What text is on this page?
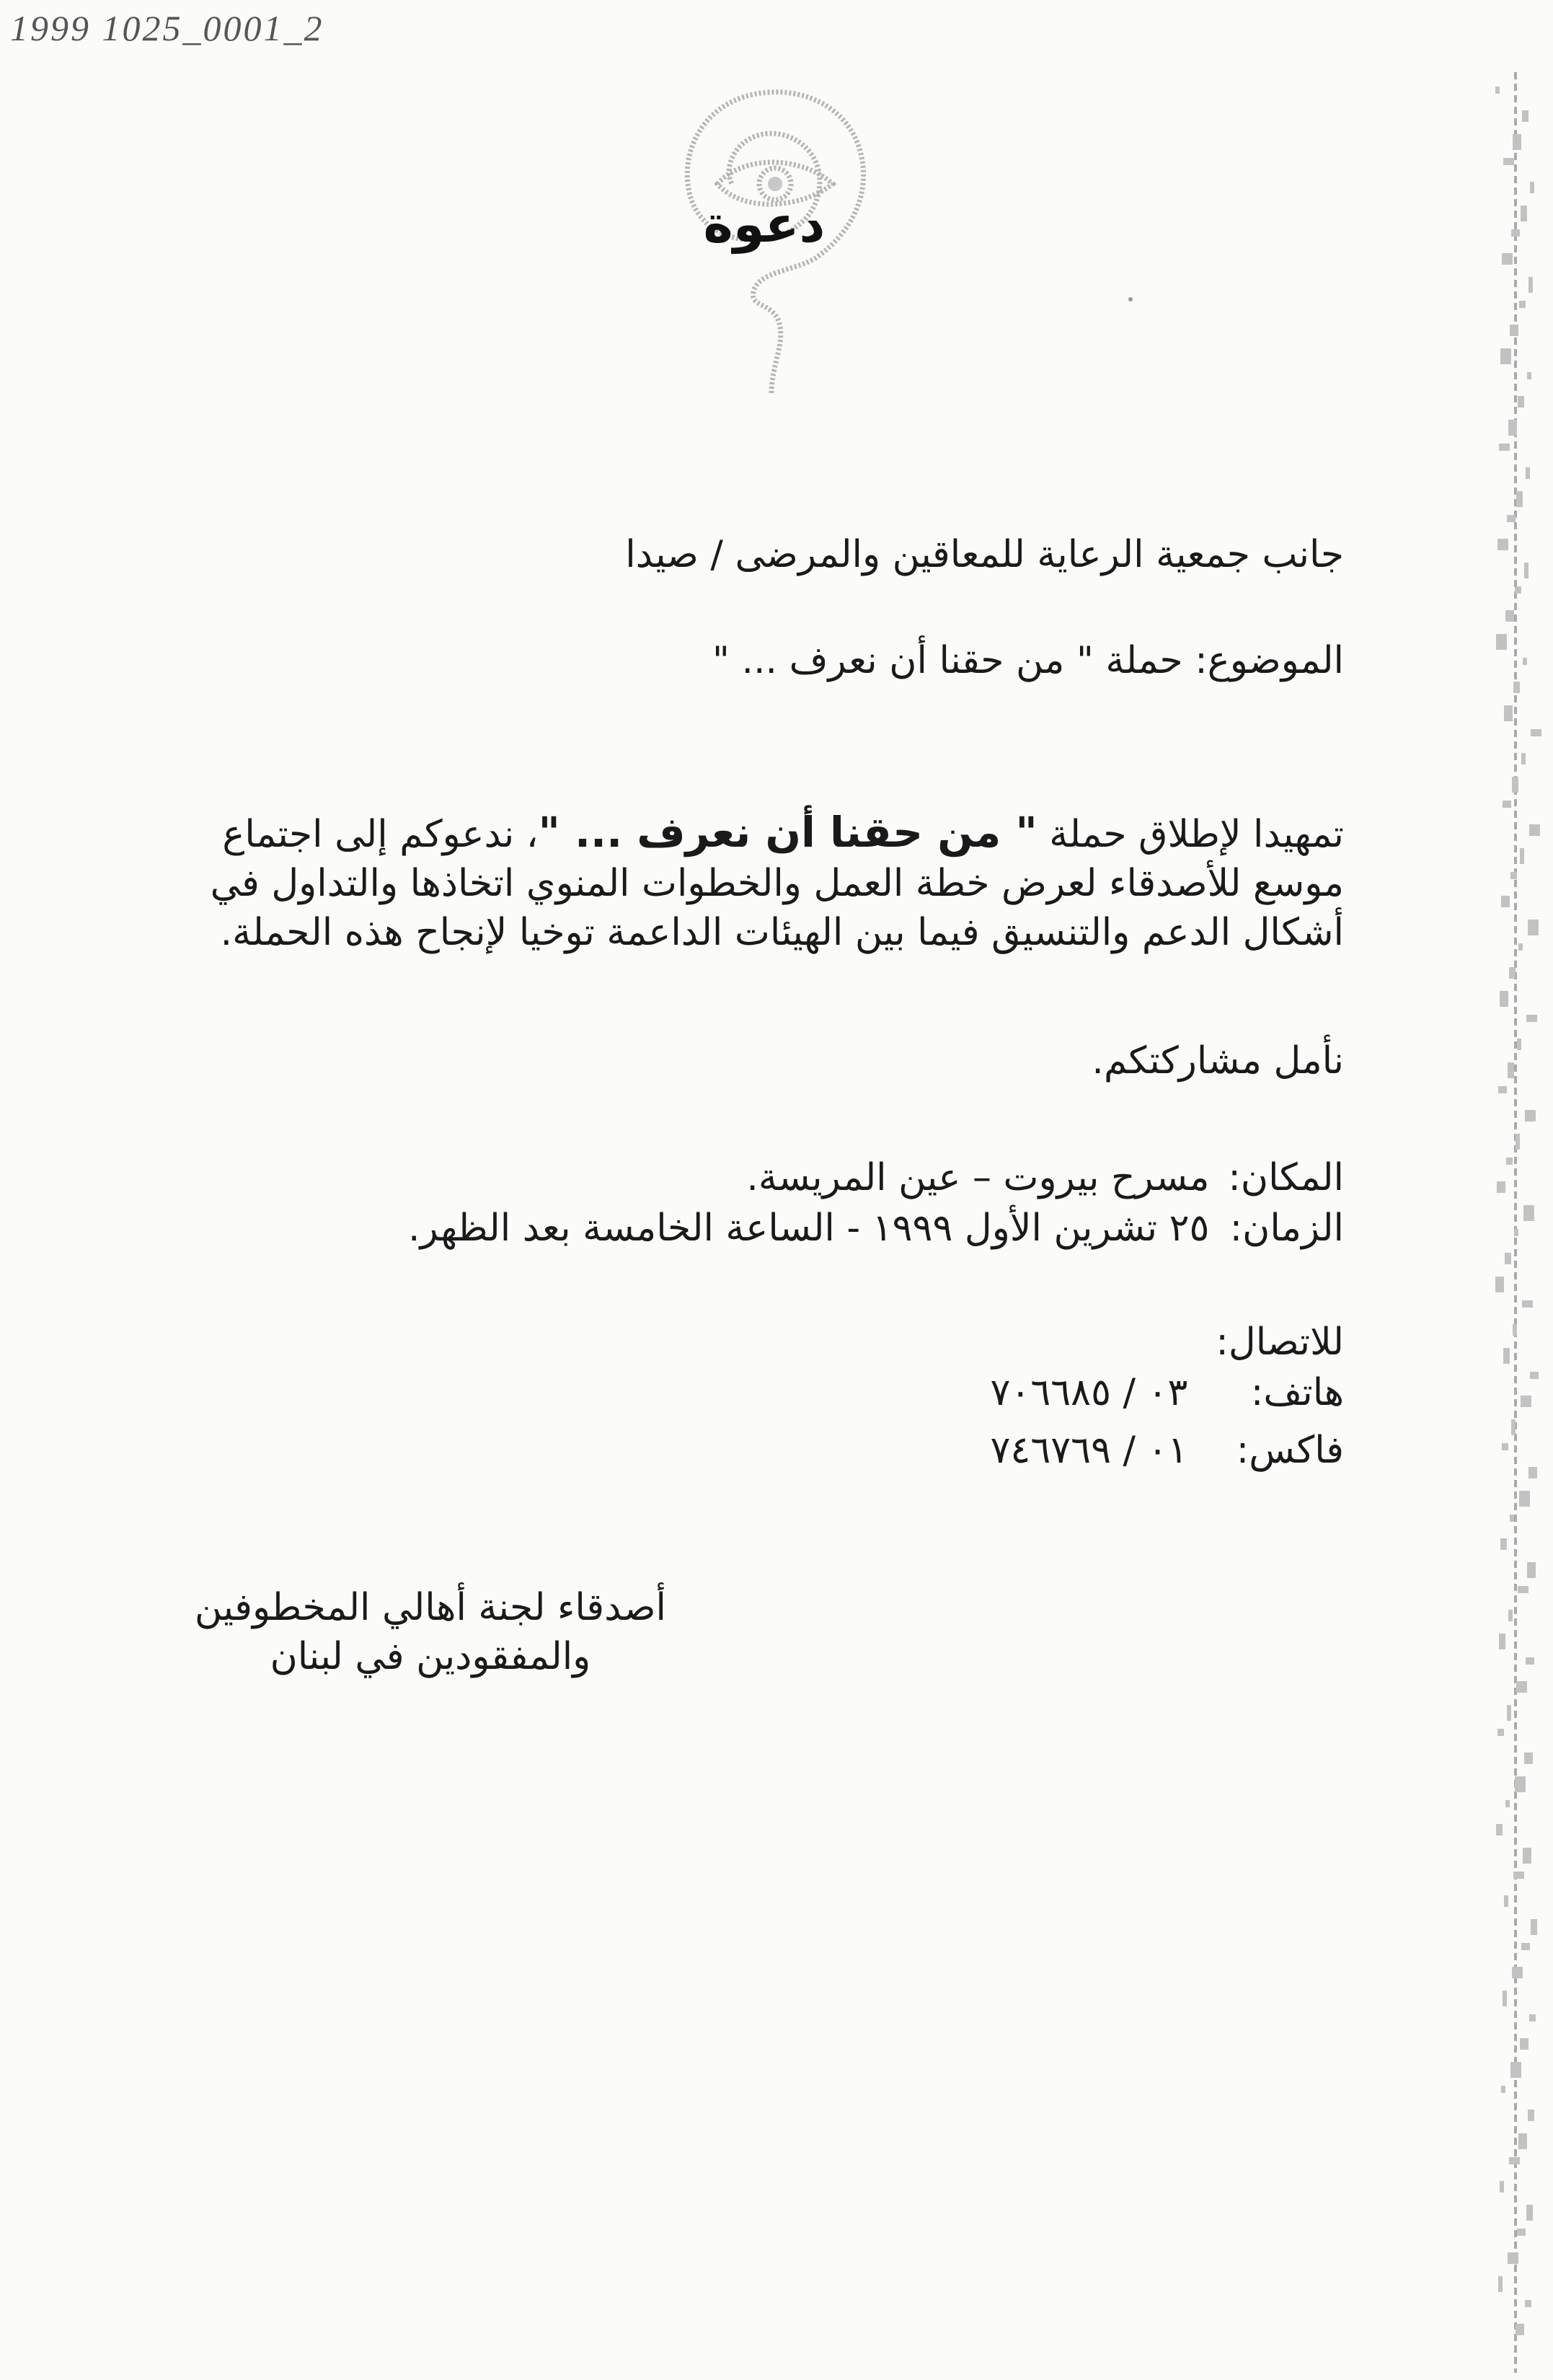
1999 1025_0001_2
دعوة
جانب جمعية الرعاية للمعاقين والمرضى / صيدا
الموضوع: حملة " من حقنا أن نعرف ... "
تمهيدا لإطلاق حملة " من حقنا أن نعرف ... "، ندعوكم إلى اجتماع
موسع للأصدقاء لعرض خطة العمل والخطوات المنوي اتخاذها والتداول في
أشكال الدعم والتنسيق فيما بين الهيئات الداعمة توخيا لإنجاح هذه الحملة.
نأمل مشاركتكم.
المكان: مسرح بيروت – عين المريسة.
الزمان: ٢٥ تشرين الأول ١٩٩٩ - الساعة الخامسة بعد الظهر.
للاتصال:
هاتف: ٠٣ / ٧٠٦٦٨٥
فاكس: ٠١ / ٧٤٦٧٦٩
أصدقاء لجنة أهالي المخطوفين
والمفقودين في لبنان
